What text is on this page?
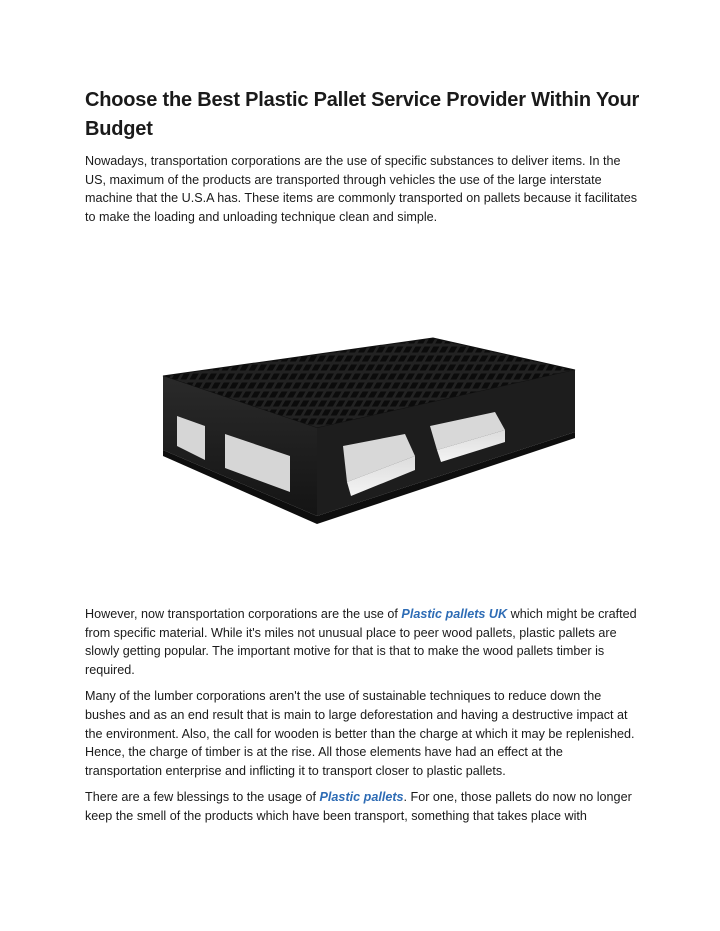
Choose the Best Plastic Pallet Service Provider Within Your Budget

Nowadays, transportation corporations are the use of specific substances to deliver items. In the US, maximum of the products are transported through vehicles the use of the large interstate machine that the U.S.A has. These items are commonly transported on pallets because it facilitates to make the loading and unloading technique clean and simple.

However, now transportation corporations are the use of Plastic pallets UK which might be crafted from specific material. While it's miles not unusual place to peer wood pallets, plastic pallets are slowly getting popular. The important motive for that is that to make the wood pallets timber is required.

Many of the lumber corporations aren't the use of sustainable techniques to reduce down the bushes and as an end result that is main to large deforestation and having a destructive impact at the environment. Also, the call for wooden is better than the charge at which it may be replenished. Hence, the charge of timber is at the rise. All those elements have had an effect at the transportation enterprise and inflicting it to transport closer to plastic pallets.

There are a few blessings to the usage of Plastic pallets. For one, those pallets do now no longer keep the smell of the products which have been transport, something that takes place with
